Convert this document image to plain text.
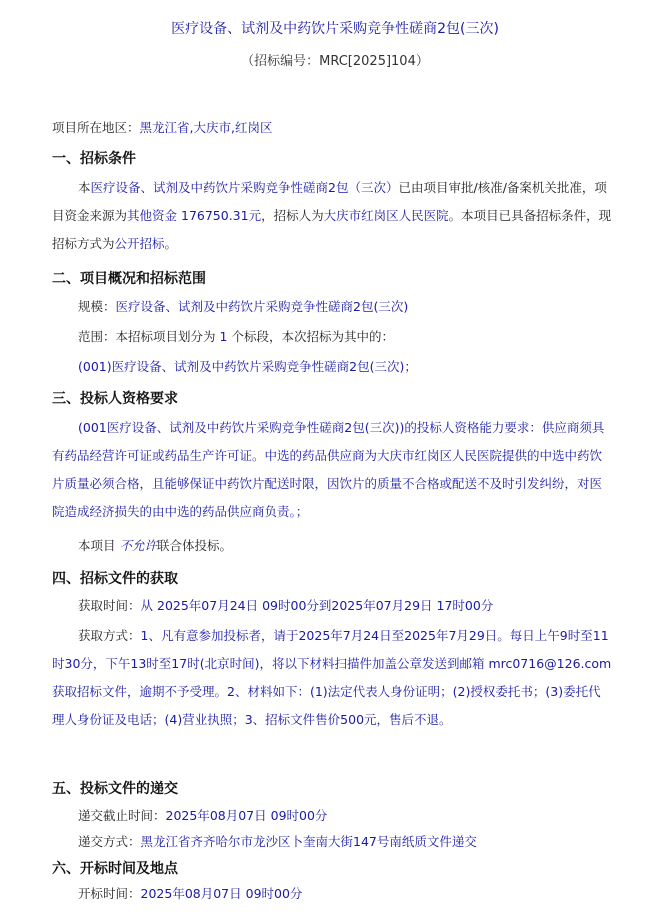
医疗设备、试剂及中药饮片采购竞争性磋商2包(三次)
（招标编号：MRC[2025]104）
项目所在地区：黑龙江省,大庆市,红岗区
一、招标条件
本医疗设备、试剂及中药饮片采购竞争性磋商2包（三次）已由项目审批/核准/备案机关批准，项目资金来源为其他资金 176750.31元，招标人为大庆市红岗区人民医院。本项目已具备招标条件，现招标方式为公开招标。
二、项目概况和招标范围
规模：医疗设备、试剂及中药饮片采购竞争性磋商2包(三次)
范围：本招标项目划分为 1 个标段，本次招标为其中的：
(001)医疗设备、试剂及中药饮片采购竞争性磋商2包(三次)；
三、投标人资格要求
(001医疗设备、试剂及中药饮片采购竞争性磋商2包(三次))的投标人资格能力要求：供应商须具有药品经营许可证或药品生产许可证。中选的药品供应商为大庆市红岗区人民医院提供的中选中药饮片质量必须合格，且能够保证中药饮片配送时限，因饮片的质量不合格或配送不及时引发纠纷，对医院造成经济损失的由中选的药品供应商负责。；
本项目 不允许联合体投标。
四、招标文件的获取
获取时间：从 2025年07月24日 09时00分到2025年07月29日 17时00分
获取方式：1、凡有意参加投标者，请于2025年7月24日至2025年7月29日。每日上午9时至11时30分，下午13时至17时(北京时间)，将以下材料扫描件加盖公章发送到邮箱 mrc0716@126.com 获取招标文件，逾期不予受理。2、材料如下：(1)法定代表人身份证明；(2)授权委托书；(3)委托代理人身份证及电话；(4)营业执照；3、招标文件售价500元，售后不退。
五、投标文件的递交
递交截止时间：2025年08月07日 09时00分
递交方式：黑龙江省齐齐哈尔市龙沙区卜奎南大街147号南纸质文件递交
六、开标时间及地点
开标时间：2025年08月07日 09时00分
